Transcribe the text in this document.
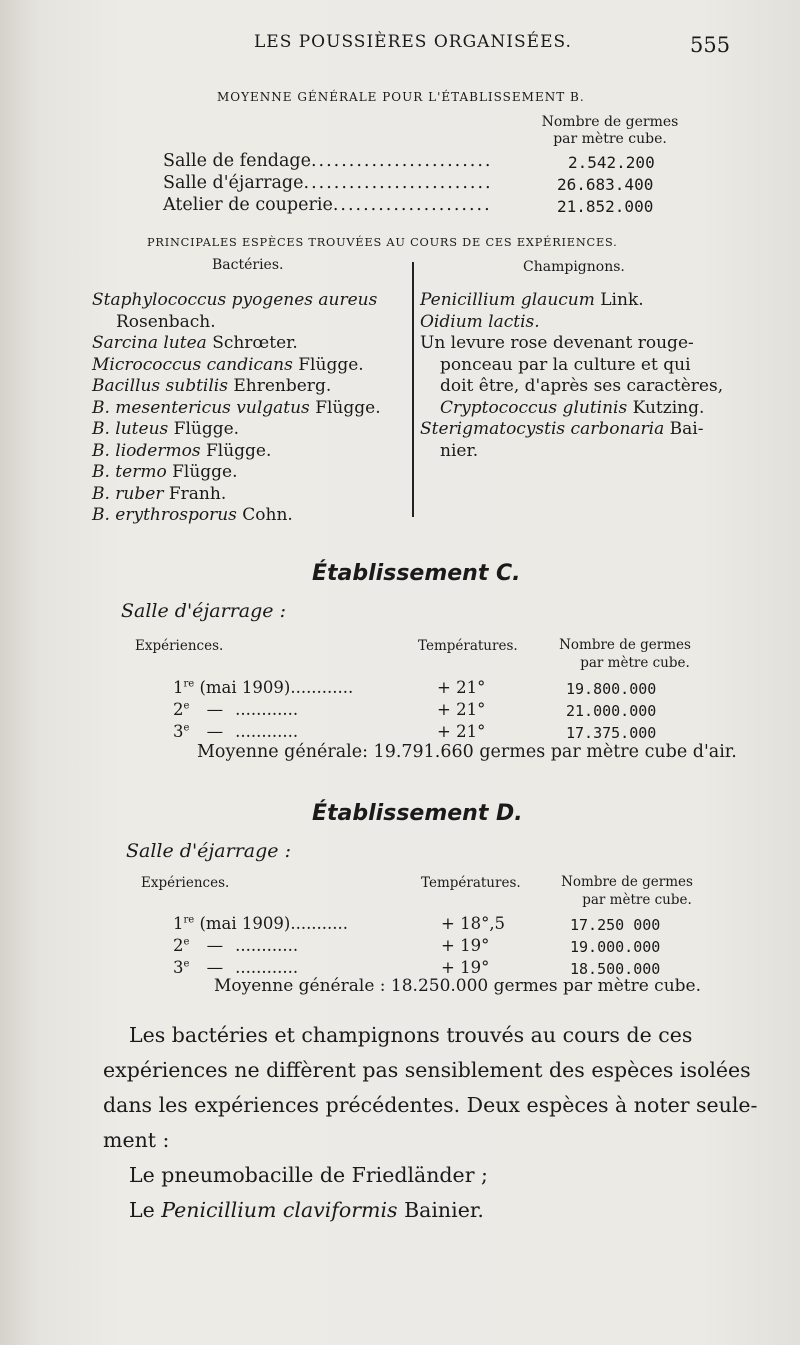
LES POUSSIÈRES ORGANISÉES.	555
MOYENNE GÉNÉRALE POUR L'ÉTABLISSEMENT B.
Nombre de germes
par mètre cube.
Salle de fendage........................	2.542.200
Salle d'éjarrage.........................	26.683.400
Atelier de couperie.....................	21.852.000
PRINCIPALES ESPÈCES TROUVÉES AU COURS DE CES EXPÉRIENCES.
Bactéries.	Champignons.
Staphylococcus pyogenes aureus
Rosenbach.
Sarcina lutea Schrœter.
Micrococcus candicans Flügge.
Bacillus subtilis Ehrenberg.
B. mesentericus vulgatus Flügge.
B. luteus Flügge.
B. liodermos Flügge.
B. termo Flügge.
B. ruber Franh.
B. erythrosporus Cohn.
Penicillium glaucum Link.
Oidium lactis.
Un levure rose devenant rouge-
ponceau par la culture et qui
doit être, d'après ses caractères,
Cryptococcus glutinis Kutzing.
Sterigmatocystis carbonaria Bai-
nier.
Établissement C.
Salle d'éjarrage :
Expériences.	Températures.	Nombre de germes
par mètre cube.
1re (mai 1909)............	+ 21°	19.800.000
2e — ............	+ 21°	21.000.000
3e — ............	+ 21°	17.375.000
Moyenne générale: 19.791.660 germes par mètre cube d'air.
Établissement D.
Salle d'éjarrage :
Expériences.	Températures.	Nombre de germes
par mètre cube.
1re (mai 1909)...........	+ 18°,5	17.250 000
2e — ............	+ 19°	19.000.000
3e — ............	+ 19°	18.500.000
Moyenne générale : 18.250.000 germes par mètre cube.
Les bactéries et champignons trouvés au cours de ces
expériences ne diffèrent pas sensiblement des espèces isolées
dans les expériences précédentes. Deux espèces à noter seule-
ment :
Le pneumobacille de Friedländer ;
Le Penicillium claviformis Bainier.
